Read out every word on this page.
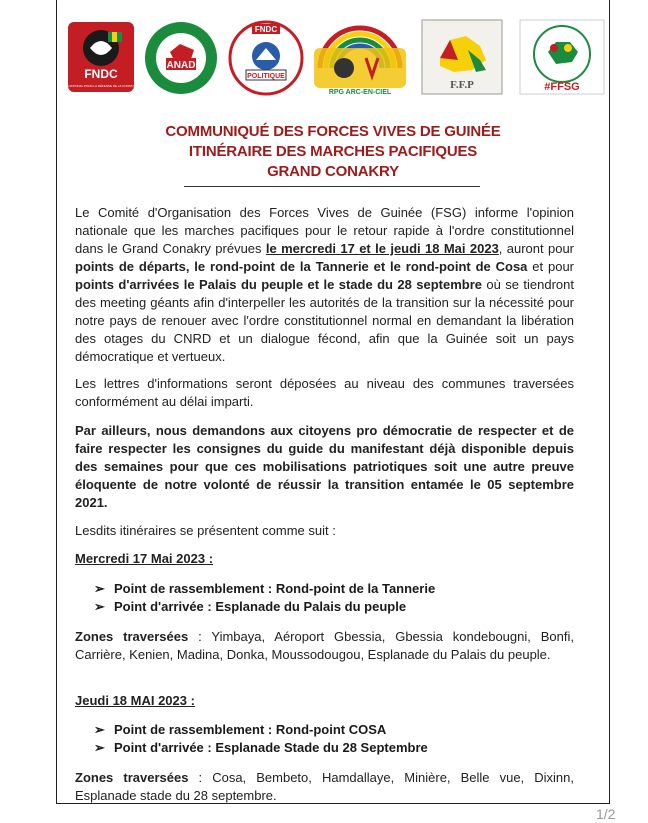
FNDC
FRONT NATIONAL POUR LA DÉFENSE DE LA CONSTITUTION
ANAD
FNDC
POLITIQUE
RPG ARC-EN-CIEL
F.F.P	#FFSG
COMMUNIQUÉ DES FORCES VIVES DE GUINÉE
ITINÉRAIRE DES MARCHES PACIFIQUES
GRAND CONAKRY
Le Comité d'Organisation des Forces Vives de Guinée (FSG) informe l'opinion nationale que les marches pacifiques pour le retour rapide à l'ordre constitutionnel dans le Grand Conakry prévues le mercredi 17 et le jeudi 18 Mai 2023, auront pour points de départs, le rond-point de la Tannerie et le rond-point de Cosa et pour points d'arrivées le Palais du peuple et le stade du 28 septembre où se tiendront des meeting géants afin d'interpeller les autorités de la transition sur la nécessité pour notre pays de renouer avec l'ordre constitutionnel normal en demandant la libération des otages du CNRD et un dialogue fécond, afin que la Guinée soit un pays démocratique et vertueux.
Les lettres d'informations seront déposées au niveau des communes traversées conformément au délai imparti.
Par ailleurs, nous demandons aux citoyens pro démocratie de respecter et de faire respecter les consignes du guide du manifestant déjà disponible depuis des semaines pour que ces mobilisations patriotiques soit une autre preuve éloquente de notre volonté de réussir la transition entamée le 05 septembre 2021.
Lesdits itinéraires se présentent comme suit :
Mercredi 17 Mai 2023 :
➢ Point de rassemblement : Rond-point de la Tannerie
➢ Point d'arrivée : Esplanade du Palais du peuple
Zones traversées : Yimbaya, Aéroport Gbessia, Gbessia kondebougni, Bonfi, Carrière, Kenien, Madina, Donka, Moussodougou, Esplanade du Palais du peuple.
Jeudi 18 MAI 2023 :
➢ Point de rassemblement : Rond-point COSA
➢ Point d'arrivée : Esplanade Stade du 28 Septembre
Zones traversées : Cosa, Bembeto, Hamdallaye, Minière, Belle vue, Dixinn, Esplanade stade du 28 septembre.
1/2
